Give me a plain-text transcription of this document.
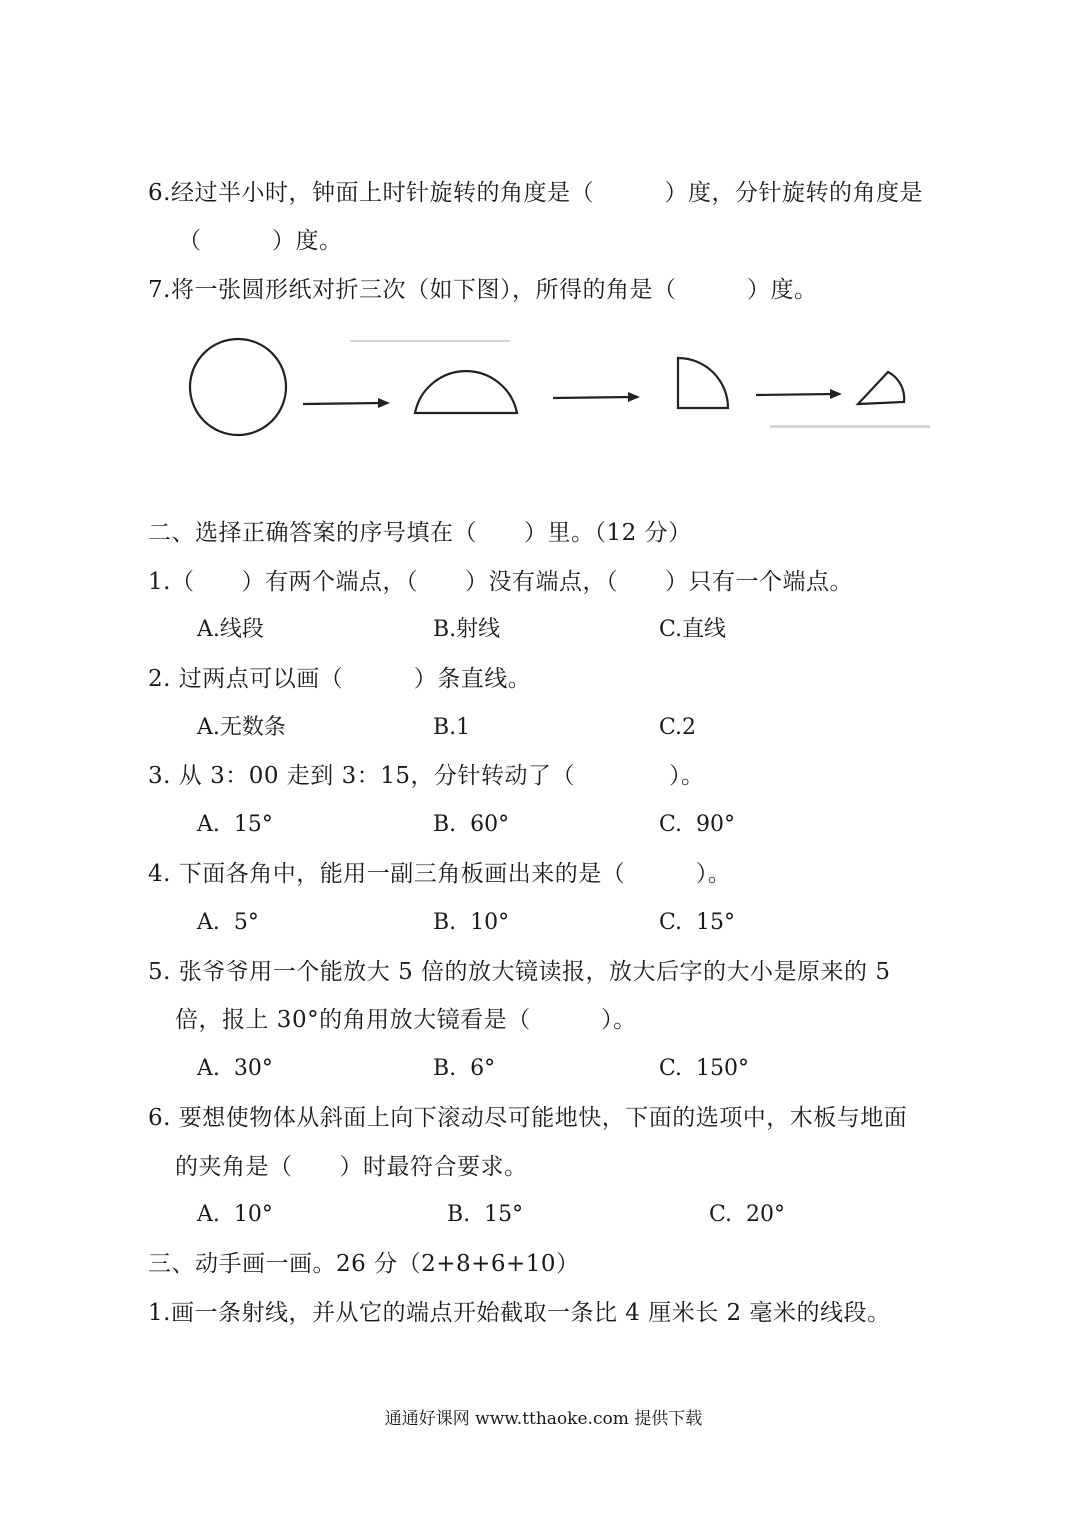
6.经过半小时，钟面上时针旋转的角度是（　　　）度，分针旋转的角度是
（　　　）度。
7.将一张圆形纸对折三次（如下图），所得的角是（　　　）度。
二、选择正确答案的序号填在（　　）里。（12 分）
1.（　　）有两个端点，（　　）没有端点，（　　）只有一个端点。
A.线段	B.射线	C.直线
2. 过两点可以画（　　　）条直线。
A.无数条	B.1	C.2
3. 从 3：00 走到 3：15，分针转动了（　　　　）。
A.  15°	B.  60°	C.  90°
4. 下面各角中，能用一副三角板画出来的是（　　　）。
A.  5°	B.  10°	C.  15°
5. 张爷爷用一个能放大 5 倍的放大镜读报，放大后字的大小是原来的 5
倍，报上 30°的角用放大镜看是（　　　）。
A.  30°	B.  6°	C.  150°
6. 要想使物体从斜面上向下滚动尽可能地快，下面的选项中，木板与地面
的夹角是（　　）时最符合要求。
A.  10°	B.  15°	C.  20°
三、动手画一画。26 分（2+8+6+10）
1.画一条射线，并从它的端点开始截取一条比 4 厘米长 2 毫米的线段。
通通好课网 www.tthaoke.com 提供下载
